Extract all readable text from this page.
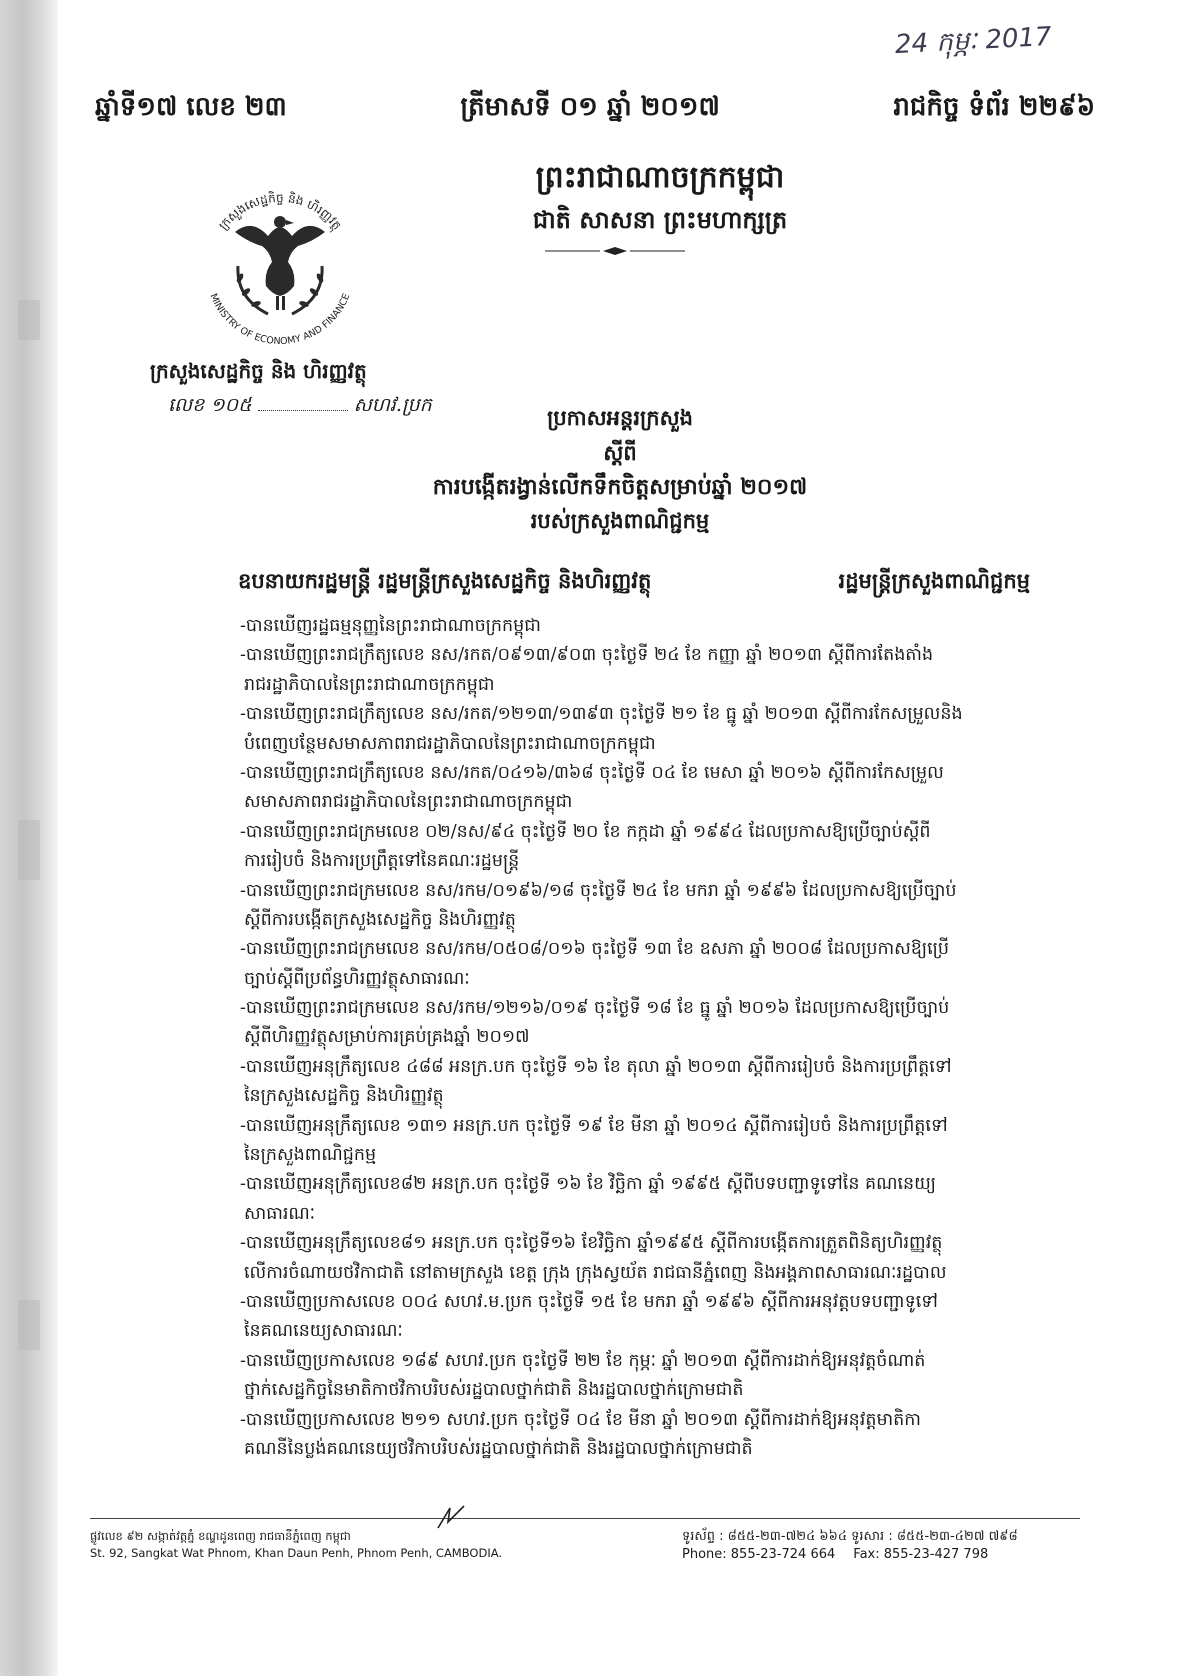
24 កុម្ភៈ 2017
ឆ្នាំទី១៧ លេខ ២៣	ត្រីមាសទី ០១ ឆ្នាំ ២០១៧	រាជកិច្ច ទំព័រ ២២៩៦
ព្រះរាជាណាចក្រកម្ពុជា
ជាតិ សាសនា ព្រះមហាក្សត្រ
ក្រសួងសេដ្ឋកិច្ច និង ហិរញ្ញវត្ថុ
MINISTRY OF ECONOMY AND FINANCE
ក្រសួងសេដ្ឋកិច្ច និង ហិរញ្ញវត្ថុ
លេខ ១០៥	សហវ.ប្រក	ប្រកាសអន្តរក្រសួង
ស្តីពី
ការបង្កើតរង្វាន់លើកទឹកចិត្តសម្រាប់ឆ្នាំ ២០១៧
របស់ក្រសួងពាណិជ្ជកម្ម
ឧបនាយករដ្ឋមន្ត្រី រដ្ឋមន្ត្រីក្រសួងសេដ្ឋកិច្ច និងហិរញ្ញវត្ថុ	រដ្ឋមន្ត្រីក្រសួងពាណិជ្ជកម្ម
-បានឃើញរដ្ឋធម្មនុញ្ញនៃព្រះរាជាណាចក្រកម្ពុជា
-បានឃើញព្រះរាជក្រឹត្យលេខ នស/រកត/០៩១៣/៩០៣ ចុះថ្ងៃទី ២៤ ខែ កញ្ញា ឆ្នាំ ២០១៣ ស្តីពីការតែងតាំង
រាជរដ្ឋាភិបាលនៃព្រះរាជាណាចក្រកម្ពុជា
-បានឃើញព្រះរាជក្រឹត្យលេខ នស/រកត/១២១៣/១៣៩៣ ចុះថ្ងៃទី ២១ ខែ ធ្នូ ឆ្នាំ ២០១៣ ស្តីពីការកែសម្រួលនិង
បំពេញបន្ថែមសមាសភាពរាជរដ្ឋាភិបាលនៃព្រះរាជាណាចក្រកម្ពុជា
-បានឃើញព្រះរាជក្រឹត្យលេខ នស/រកត/០៤១៦/៣៦៨ ចុះថ្ងៃទី ០៤ ខែ មេសា ឆ្នាំ ២០១៦ ស្តីពីការកែសម្រួល
សមាសភាពរាជរដ្ឋាភិបាលនៃព្រះរាជាណាចក្រកម្ពុជា
-បានឃើញព្រះរាជក្រមលេខ ០២/នស/៩៤ ចុះថ្ងៃទី ២០ ខែ កក្កដា ឆ្នាំ ១៩៩៤ ដែលប្រកាសឱ្យប្រើច្បាប់ស្តីពី
ការរៀបចំ និងការប្រព្រឹត្តទៅនៃគណៈរដ្ឋមន្ត្រី
-បានឃើញព្រះរាជក្រមលេខ នស/រកម/០១៩៦/១៨ ចុះថ្ងៃទី ២៤ ខែ មករា ឆ្នាំ ១៩៩៦ ដែលប្រកាសឱ្យប្រើច្បាប់
ស្តីពីការបង្កើតក្រសួងសេដ្ឋកិច្ច និងហិរញ្ញវត្ថុ
-បានឃើញព្រះរាជក្រមលេខ នស/រកម/០៥០៨/០១៦ ចុះថ្ងៃទី ១៣ ខែ ឧសភា ឆ្នាំ ២០០៨ ដែលប្រកាសឱ្យប្រើ
ច្បាប់ស្តីពីប្រព័ន្ធហិរញ្ញវត្ថុសាធារណៈ
-បានឃើញព្រះរាជក្រមលេខ នស/រកម/១២១៦/០១៩ ចុះថ្ងៃទី ១៨ ខែ ធ្នូ ឆ្នាំ ២០១៦ ដែលប្រកាសឱ្យប្រើច្បាប់
ស្តីពីហិរញ្ញវត្ថុសម្រាប់ការគ្រប់គ្រងឆ្នាំ ២០១៧
-បានឃើញអនុក្រឹត្យលេខ ៤៨៨ អនក្រ.បក ចុះថ្ងៃទី ១៦ ខែ តុលា ឆ្នាំ ២០១៣ ស្តីពីការរៀបចំ និងការប្រព្រឹត្តទៅ
នៃក្រសួងសេដ្ឋកិច្ច និងហិរញ្ញវត្ថុ
-បានឃើញអនុក្រឹត្យលេខ ១៣១ អនក្រ.បក ចុះថ្ងៃទី ១៩ ខែ មីនា ឆ្នាំ ២០១៤ ស្តីពីការរៀបចំ និងការប្រព្រឹត្តទៅ
នៃក្រសួងពាណិជ្ជកម្ម
-បានឃើញអនុក្រឹត្យលេខ៨២ អនក្រ.បក ចុះថ្ងៃទី ១៦ ខែ វិច្ឆិកា ឆ្នាំ ១៩៩៥ ស្តីពីបទបញ្ជាទូទៅនៃ គណនេយ្យ
សាធារណៈ
-បានឃើញអនុក្រឹត្យលេខ៨១ អនក្រ.បក ចុះថ្ងៃទី១៦ ខែវិច្ឆិកា ឆ្នាំ១៩៩៥ ស្តីពីការបង្កើតការត្រួតពិនិត្យហិរញ្ញវត្ថុ
លើការចំណាយថវិកាជាតិ នៅតាមក្រសួង ខេត្ត ក្រុង ក្រុងស្វយ័ត រាជធានីភ្នំពេញ និងអង្គភាពសាធារណៈរដ្ឋបាល
-បានឃើញប្រកាសលេខ ០០៤ សហវ.ម.ប្រក ចុះថ្ងៃទី ១៥ ខែ មករា ឆ្នាំ ១៩៩៦ ស្តីពីការអនុវត្តបទបញ្ជាទូទៅ
នៃគណនេយ្យសាធារណៈ
-បានឃើញប្រកាសលេខ ១៨៩ សហវ.ប្រក ចុះថ្ងៃទី ២២ ខែ កុម្ភៈ ឆ្នាំ ២០១៣ ស្តីពីការដាក់ឱ្យអនុវត្តចំណាត់
ថ្នាក់សេដ្ឋកិច្ចនៃមាតិកាថវិកាបរិបស់រដ្ឋបាលថ្នាក់ជាតិ និងរដ្ឋបាលថ្នាក់ក្រោមជាតិ
-បានឃើញប្រកាសលេខ ២១១ សហវ.ប្រក ចុះថ្ងៃទី ០៤ ខែ មីនា ឆ្នាំ ២០១៣ ស្តីពីការដាក់ឱ្យអនុវត្តមាតិកា
គណនីនៃប្លង់គណនេយ្យថវិកាបរិបស់រដ្ឋបាលថ្នាក់ជាតិ និងរដ្ឋបាលថ្នាក់ក្រោមជាតិ
ផ្លូវលេខ ៩២ សង្កាត់វត្តភ្នំ ខណ្ឌដូនពេញ រាជធានីភ្នំពេញ កម្ពុជា
St. 92, Sangkat Wat Phnom, Khan Daun Penh, Phnom Penh, CAMBODIA.
ទូរស័ព្ទ : ៨៥៥-២៣-៧២៤ ៦៦៤ ទូរសារ : ៨៥៥-២៣-៤២៧ ៧៩៨
Phone: 855-23-724 664 Fax: 855-23-427 798
